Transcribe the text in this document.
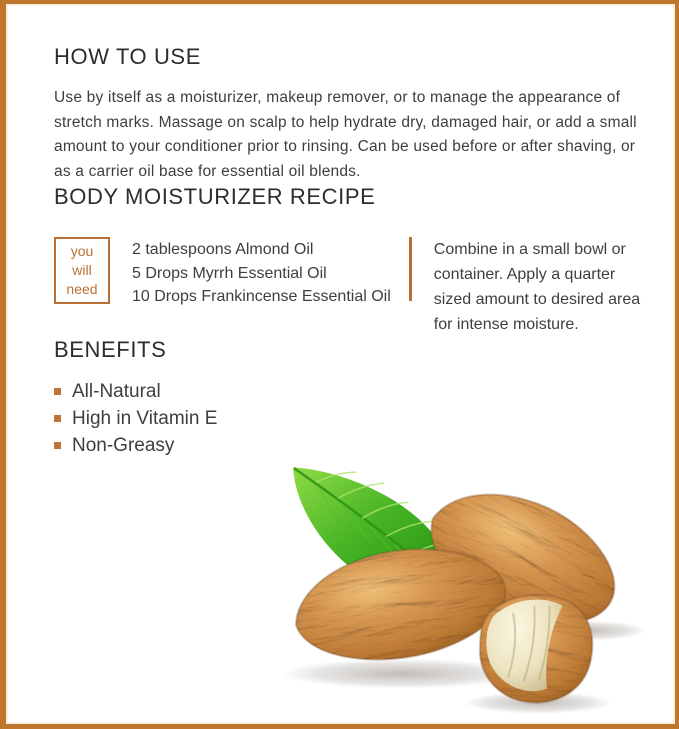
HOW TO USE

Use by itself as a moisturizer, makeup remover, or to manage the appearance of stretch marks. Massage on scalp to help hydrate dry, damaged hair, or add a small amount to your conditioner prior to rinsing. Can be used before or after shaving, or as a carrier oil base for essential oil blends.

BODY MOISTURIZER RECIPE
you
will
need
2 tablespoons Almond Oil
5 Drops Myrrh Essential Oil
10 Drops Frankincense Essential Oil

Combine in a small bowl or container. Apply a quarter sized amount to desired area for intense moisture.

BENEFITS
All-Natural
High in Vitamin E
Non-Greasy
